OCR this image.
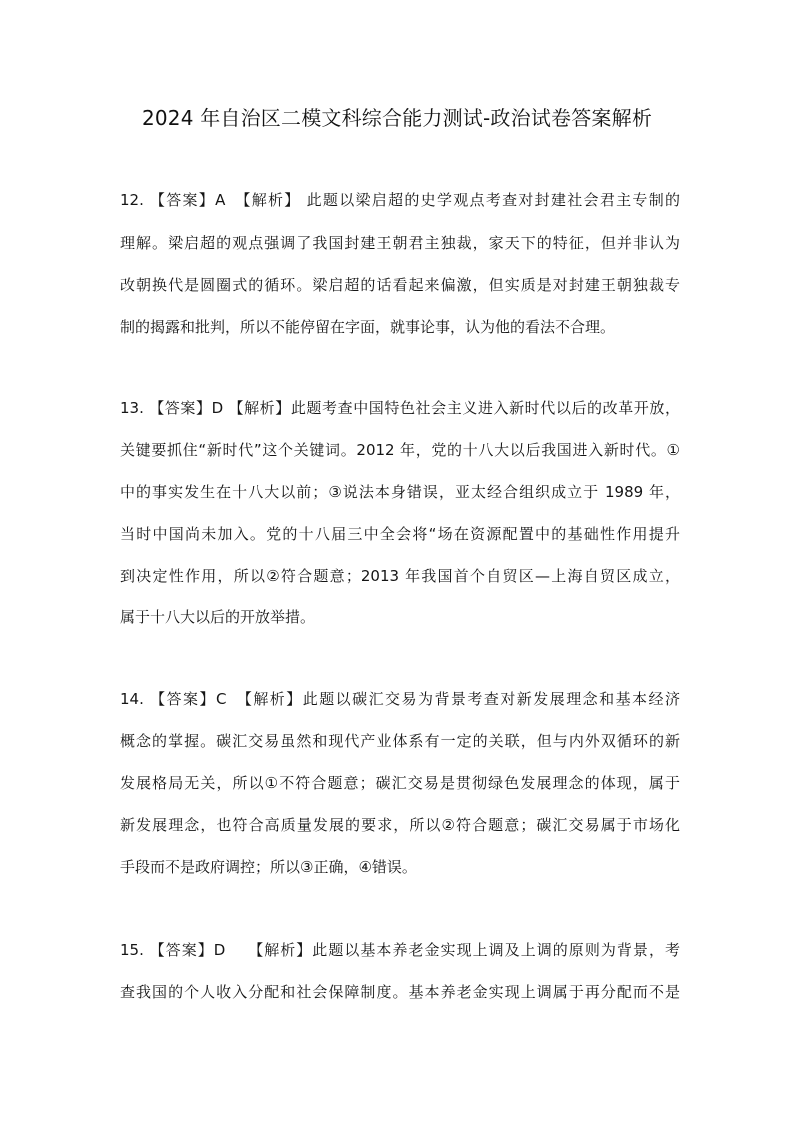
2024 年自治区二模文科综合能力测试-政治试卷答案解析
12. 【答案】A　【解析】 此题以梁启超的史学观点考查对封建社会君主专制的
理解。梁启超的观点强调了我国封建王朝君主独裁，家天下的特征，但并非认为
改朝换代是圆圈式的循环。梁启超的话看起来偏激，但实质是对封建王朝独裁专
制的揭露和批判，所以不能停留在字面，就事论事，认为他的看法不合理。
13. 【答案】D 【解析】此题考查中国特色社会主义进入新时代以后的改革开放，
关键要抓住“新时代”这个关键词。2012 年，党的十八大以后我国进入新时代。①
中的事实发生在十八大以前；③说法本身错误，亚太经合组织成立于 1989 年，
当时中国尚未加入。党的十八届三中全会将“场在资源配置中的基础性作用提升
到决定性作用，所以②符合题意；2013 年我国首个自贸区—上海自贸区成立，
属于十八大以后的开放举措。
14. 【答案】C　【解析】此题以碳汇交易为背景考查对新发展理念和基本经济
概念的掌握。碳汇交易虽然和现代产业体系有一定的关联，但与内外双循环的新
发展格局无关，所以①不符合题意；碳汇交易是贯彻绿色发展理念的体现，属于
新发展理念，也符合高质量发展的要求，所以②符合题意；碳汇交易属于市场化
手段而不是政府调控；所以③正确，④错误。
15. 【答案】D　 【解析】此题以基本养老金实现上调及上调的原则为背景，考
查我国的个人收入分配和社会保障制度。基本养老金实现上调属于再分配而不是
